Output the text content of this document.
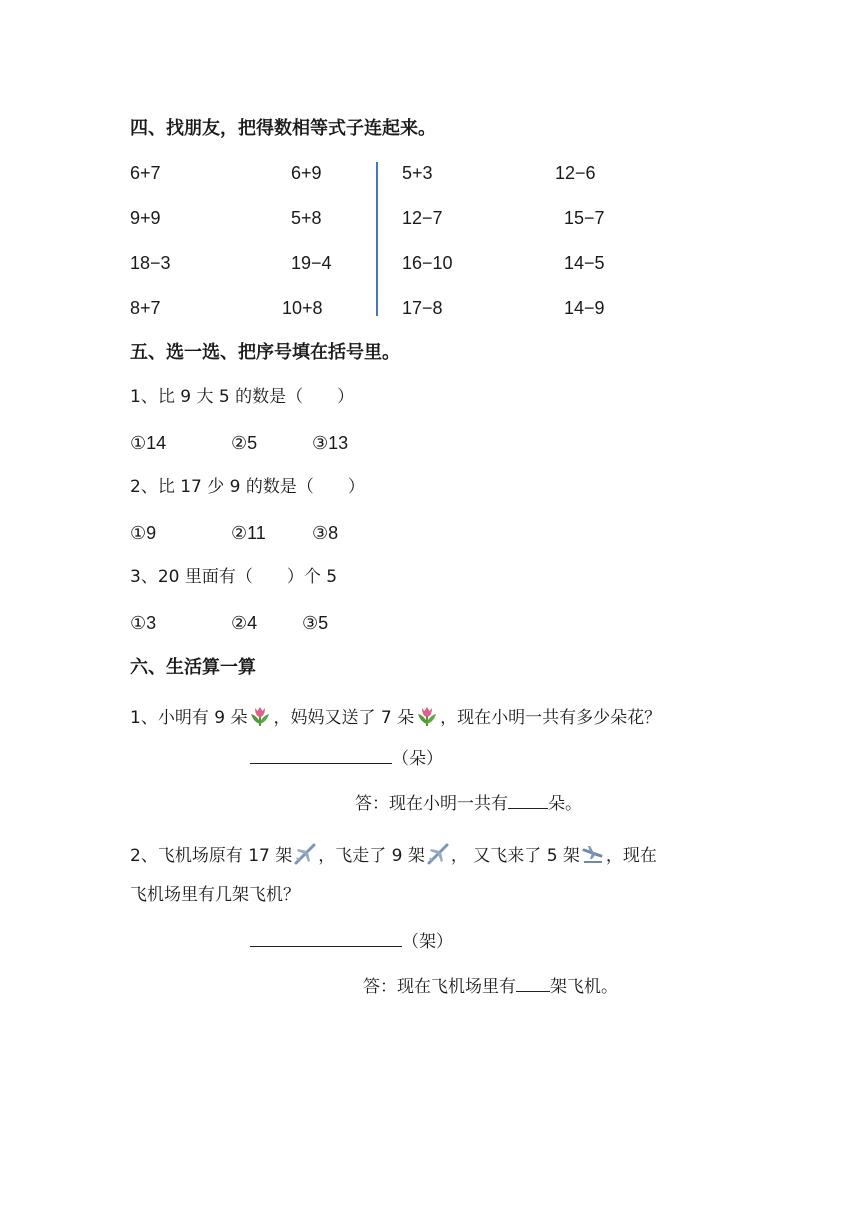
四、找朋友，把得数相等式子连起来。
6+7	6+9	5+3	12−6
9+9	5+8	12−7	15−7
18−3	19−4	16−10	14−5
8+7	10+8	17−8	14−9
五、选一选、把序号填在括号里。
1、比 9 大 5 的数是（　　）
①14	②5	③13
2、比 17 少 9 的数是（　　）
①9	②11	③8
3、20 里面有（　　）个 5
①3	②4 ③5
六、生活算一算
1、小明有 9 朵 ，妈妈又送了 7 朵 ，现在小明一共有多少朵花？
（朵）
答：现在小明一共有 朵。
2、飞机场原有 17 架 ，飞走了 9 架 ， 又飞来了 5 架 ，现在
飞机场里有几架飞机？
（架）
答：现在飞机场里有 架飞机。
